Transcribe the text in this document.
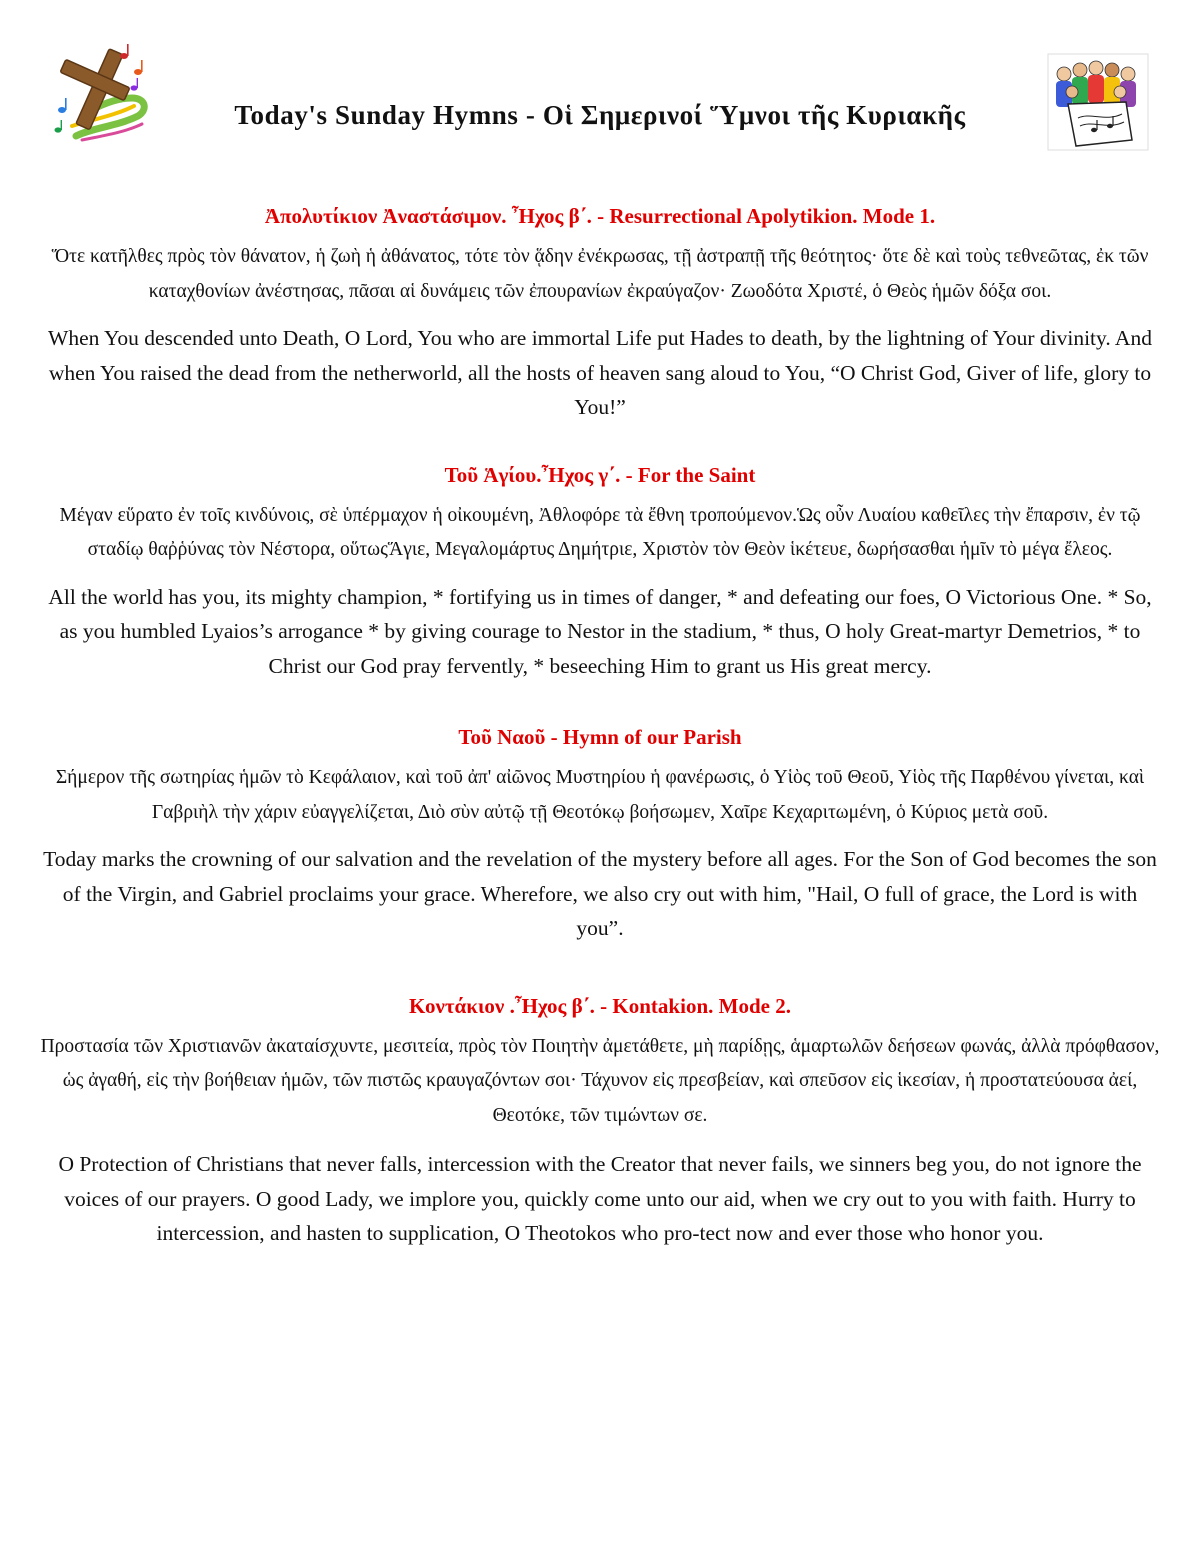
Today's Sunday Hymns - Οἱ Σημερινοί Ὕμνοι τῆς Κυριακῆς

Ἀπολυτίκιον Ἀναστάσιμον. Ἦχος β΄. - Resurrectional Apolytikion. Mode 1.

Ὅτε κατῆλθες πρὸς τὸν θάνατον, ἡ ζωὴ ἡ ἀθάνατος, τότε τὸν ᾅδην ἐνέκρωσας, τῇ ἀστραπῇ τῆς θεότητος· ὅτε δὲ καὶ τοὺς τεθνεῶτας, ἐκ τῶν καταχθονίων ἀνέστησας, πᾶσαι αἱ δυνάμεις τῶν ἐπουρανίων ἐκραύγαζον· Ζωοδότα Χριστέ, ὁ Θεὸς ἡμῶν δόξα σοι.

When You descended unto Death, O Lord, You who are immortal Life put Hades to death, by the lightning of Your divinity. And when You raised the dead from the netherworld, all the hosts of heaven sang aloud to You, “O Christ God, Giver of life, glory to You!”

Τοῦ Ἁγίου.Ἦχος γ΄. - For the Saint

Μέγαν εὕρατο ἐν τοῖς κινδύνοις, σὲ ὑπέρμαχον ἡ οἰκουμένη, Ἀθλοφόρε τὰ ἔθνη τροπούμενον.Ὡς οὖν Λυαίου καθεῖλες τὴν ἔπαρσιν, ἐν τῷ σταδίῳ θαῤῥύνας τὸν Νέστορα, οὕτωςἍγιε, Μεγαλομάρτυς Δημήτριε, Χριστὸν τὸν Θεὸν ἱκέτευε, δωρήσασθαι ἡμῖν τὸ μέγα ἔλεος.

All the world has you, its mighty champion, * fortifying us in times of danger, * and defeating our foes, O Victorious One. * So, as you humbled Lyaios’s arrogance * by giving courage to Nestor in the stadium, * thus, O holy Great-martyr Demetrios, * to Christ our God pray fervently, * beseeching Him to grant us His great mercy.

Τοῦ Ναοῦ - Hymn of our Parish

Σήμερον τῆς σωτηρίας ἡμῶν τὸ Κεφάλαιον, καὶ τοῦ ἀπ' αἰῶνος Μυστηρίου ἡ φανέρωσις, ὁ Υἱὸς τοῦ Θεοῦ, Υἱὸς τῆς Παρθένου γίνεται, καὶ Γαβριὴλ τὴν χάριν εὐαγγελίζεται, Διὸ σὺν αὐτῷ τῇ Θεοτόκῳ βοήσωμεν, Χαῖρε Κεχαριτωμένη, ὁ Κύριος μετὰ σοῦ.

Today marks the crowning of our salvation and the revelation of the mystery before all ages. For the Son of God becomes the son of the Virgin, and Gabriel proclaims your grace. Wherefore, we also cry out with him, "Hail, O full of grace, the Lord is with you”.

Κοντάκιον .Ἦχος β΄. - Kontakion. Mode 2.

Προστασία τῶν Χριστιανῶν ἀκαταίσχυντε, μεσιτεία, πρὸς τὸν Ποιητὴν ἀμετάθετε, μὴ παρίδῃς, ἁμαρτωλῶν δεήσεων φωνάς, ἀλλὰ πρόφθασον, ὡς ἀγαθή, εἰς τὴν βοήθειαν ἡμῶν, τῶν πιστῶς κραυγαζόντων σοι· Τάχυνον εἰς πρεσβείαν, καὶ σπεῦσον εἰς ἱκεσίαν, ἡ προστατεύουσα ἀεί, Θεοτόκε, τῶν τιμώντων σε.

O Protection of Christians that never falls, intercession with the Creator that never fails, we sinners beg you, do not ignore the voices of our prayers. O good Lady, we implore you, quickly come unto our aid, when we cry out to you with faith. Hurry to intercession, and hasten to supplication, O Theotokos who pro-tect now and ever those who honor you.
